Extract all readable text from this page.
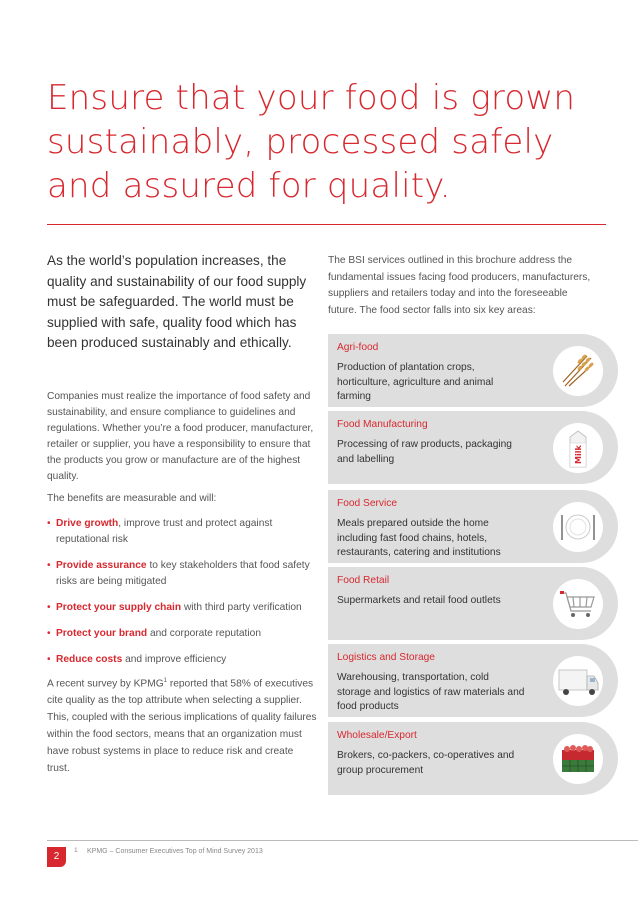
Ensure that your food is grown
sustainably, processed safely
and assured for quality.

As the world’s population increases, the quality and sustainability of our food supply must be safeguarded. The world must be supplied with safe, quality food which has been produced sustainably and ethically.

Companies must realize the importance of food safety and sustainability, and ensure compliance to guidelines and regulations. Whether you’re a food producer, manufacturer, retailer or supplier, you have a responsibility to ensure that the products you grow or manufacture are of the highest quality.

The benefits are measurable and will:

• Drive growth, improve trust and protect against reputational risk
• Provide assurance to key stakeholders that food safety risks are being mitigated
• Protect your supply chain with third party verification
• Protect your brand and corporate reputation
• Reduce costs and improve efficiency

A recent survey by KPMG$^1$ reported that 58% of executives cite quality as the top attribute when selecting a supplier. This, coupled with the serious implications of quality failures within the food sectors, means that an organization must have robust systems in place to reduce risk and create trust.

The BSI services outlined in this brochure address the fundamental issues facing food producers, manufacturers, suppliers and retailers today and into the foreseeable future. The food sector falls into six key areas:

Agri-food
Production of plantation crops, horticulture, agriculture and animal farming
Food Manufacturing
Processing of raw products, packaging and labelling	Milk
Food Service
Meals prepared outside the home including fast food chains, hotels, restaurants, catering and institutions
Food Retail
Supermarkets and retail food outlets
Logistics and Storage
Warehousing, transportation, cold storage and logistics of raw materials and food products
Wholesale/Export
Brokers, co-packers, co-operatives and group procurement
2
1 KPMG – Consumer Executives Top of Mind Survey 2013
